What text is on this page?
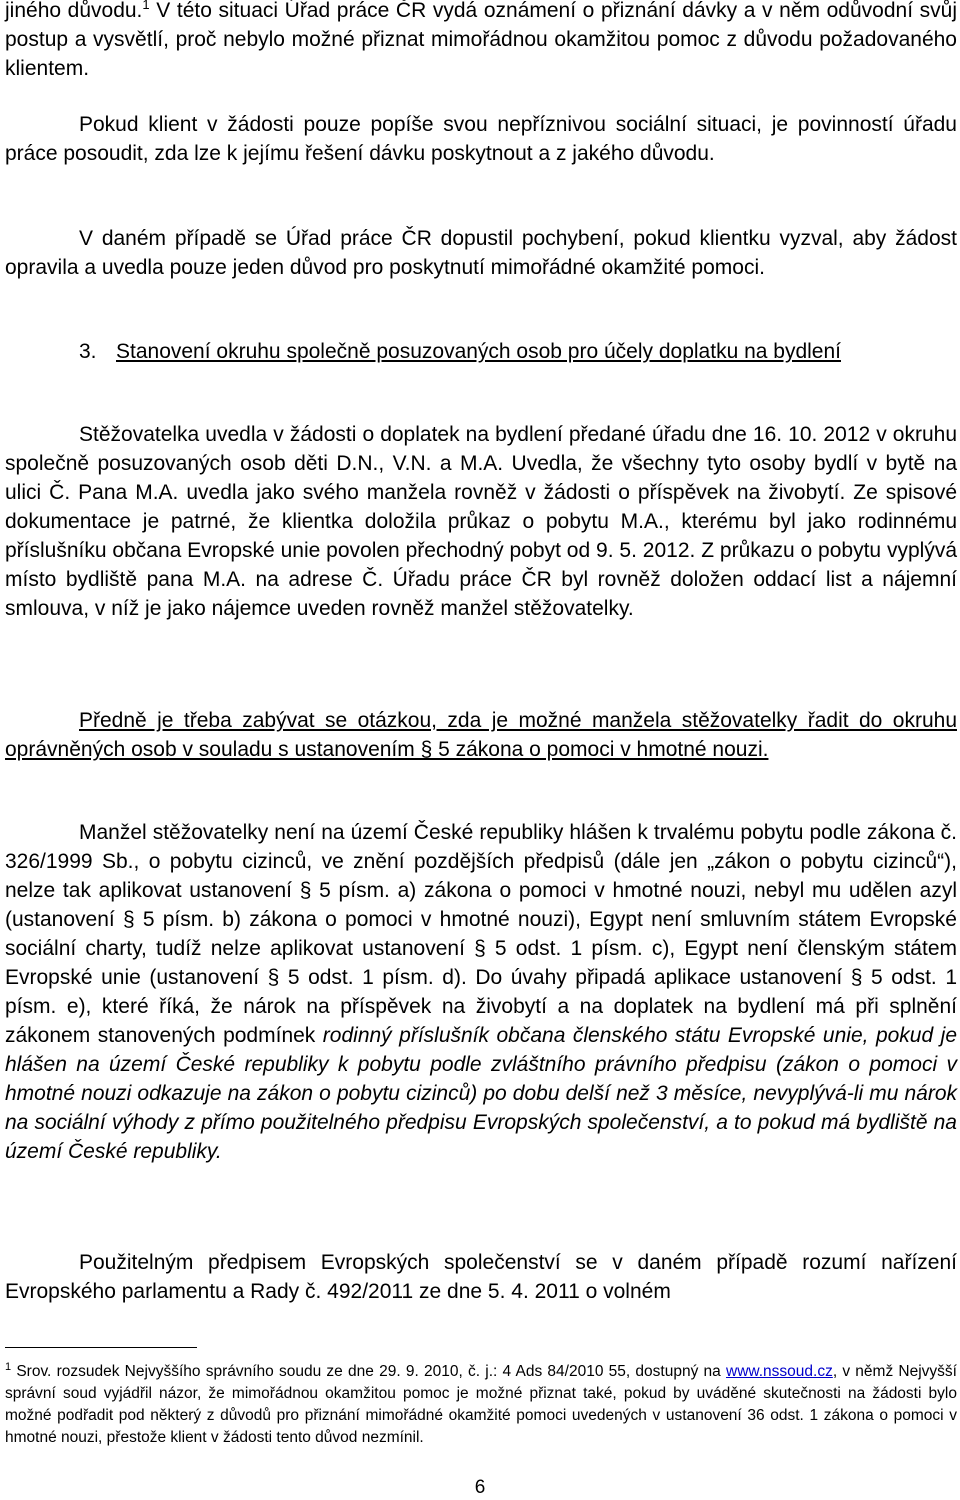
jiného důvodu.$^1$ V této situaci Úřad práce ČR vydá oznámení o přiznání dávky a v něm odůvodní svůj postup a vysvětlí, proč nebylo možné přiznat mimořádnou okamžitou pomoc z důvodu požadovaného klientem.

Pokud klient v žádosti pouze popíše svou nepříznivou sociální situaci, je povinností úřadu práce posoudit, zda lze k jejímu řešení dávku poskytnout a z jakého důvodu.

V daném případě se Úřad práce ČR dopustil pochybení, pokud klientku vyzval, aby žádost opravila a uvedla pouze jeden důvod pro poskytnutí mimořádné okamžité pomoci.

3. Stanovení okruhu společně posuzovaných osob pro účely doplatku na bydlení

Stěžovatelka uvedla v žádosti o doplatek na bydlení předané úřadu dne 16. 10. 2012 v okruhu společně posuzovaných osob děti D.N., V.N. a M.A. Uvedla, že všechny tyto osoby bydlí v bytě na ulici Č. Pana M.A. uvedla jako svého manžela rovněž v žádosti o příspěvek na živobytí. Ze spisové dokumentace je patrné, že klientka doložila průkaz o pobytu M.A., kterému byl jako rodinnému příslušníku občana Evropské unie povolen přechodný pobyt od 9. 5. 2012. Z průkazu o pobytu vyplývá místo bydliště pana M.A. na adrese Č. Úřadu práce ČR byl rovněž doložen oddací list a nájemní smlouva, v níž je jako nájemce uveden rovněž manžel stěžovatelky.

Předně je třeba zabývat se otázkou, zda je možné manžela stěžovatelky řadit do okruhu oprávněných osob v souladu s ustanovením § 5 zákona o pomoci v hmotné nouzi.

Manžel stěžovatelky není na území České republiky hlášen k trvalému pobytu podle zákona č. 326/1999 Sb., o pobytu cizinců, ve znění pozdějších předpisů (dále jen „zákon o pobytu cizinců“), nelze tak aplikovat ustanovení § 5 písm. a) zákona o pomoci v hmotné nouzi, nebyl mu udělen azyl (ustanovení § 5 písm. b) zákona o pomoci v hmotné nouzi), Egypt není smluvním státem Evropské sociální charty, tudíž nelze aplikovat ustanovení § 5 odst. 1 písm. c), Egypt není členským státem Evropské unie (ustanovení § 5 odst. 1 písm. d). Do úvahy připadá aplikace ustanovení § 5 odst. 1 písm. e), které říká, že nárok na příspěvek na živobytí a na doplatek na bydlení má při splnění zákonem stanovených podmínek rodinný příslušník občana členského státu Evropské unie, pokud je hlášen na území České republiky k pobytu podle zvláštního právního předpisu (zákon o pomoci v hmotné nouzi odkazuje na zákon o pobytu cizinců) po dobu delší než 3 měsíce, nevyplývá-li mu nárok na sociální výhody z přímo použitelného předpisu Evropských společenství, a to pokud má bydliště na území České republiky.

Použitelným předpisem Evropských společenství se v daném případě rozumí nařízení Evropského parlamentu a Rady č. 492/2011 ze dne 5. 4. 2011 o volném

$^1$ Srov. rozsudek Nejvyššího správního soudu ze dne 29. 9. 2010, č. j.: 4 Ads 84/2010 55, dostupný na www.nssoud.cz, v němž Nejvyšší správní soud vyjádřil názor, že mimořádnou okamžitou pomoc je možné přiznat také, pokud by uváděné skutečnosti na žádosti bylo možné podřadit pod některý z důvodů pro přiznání mimořádné okamžité pomoci uvedených v ustanovení 36 odst. 1 zákona o pomoci v hmotné nouzi, přestože klient v žádosti tento důvod nezmínil.

6
